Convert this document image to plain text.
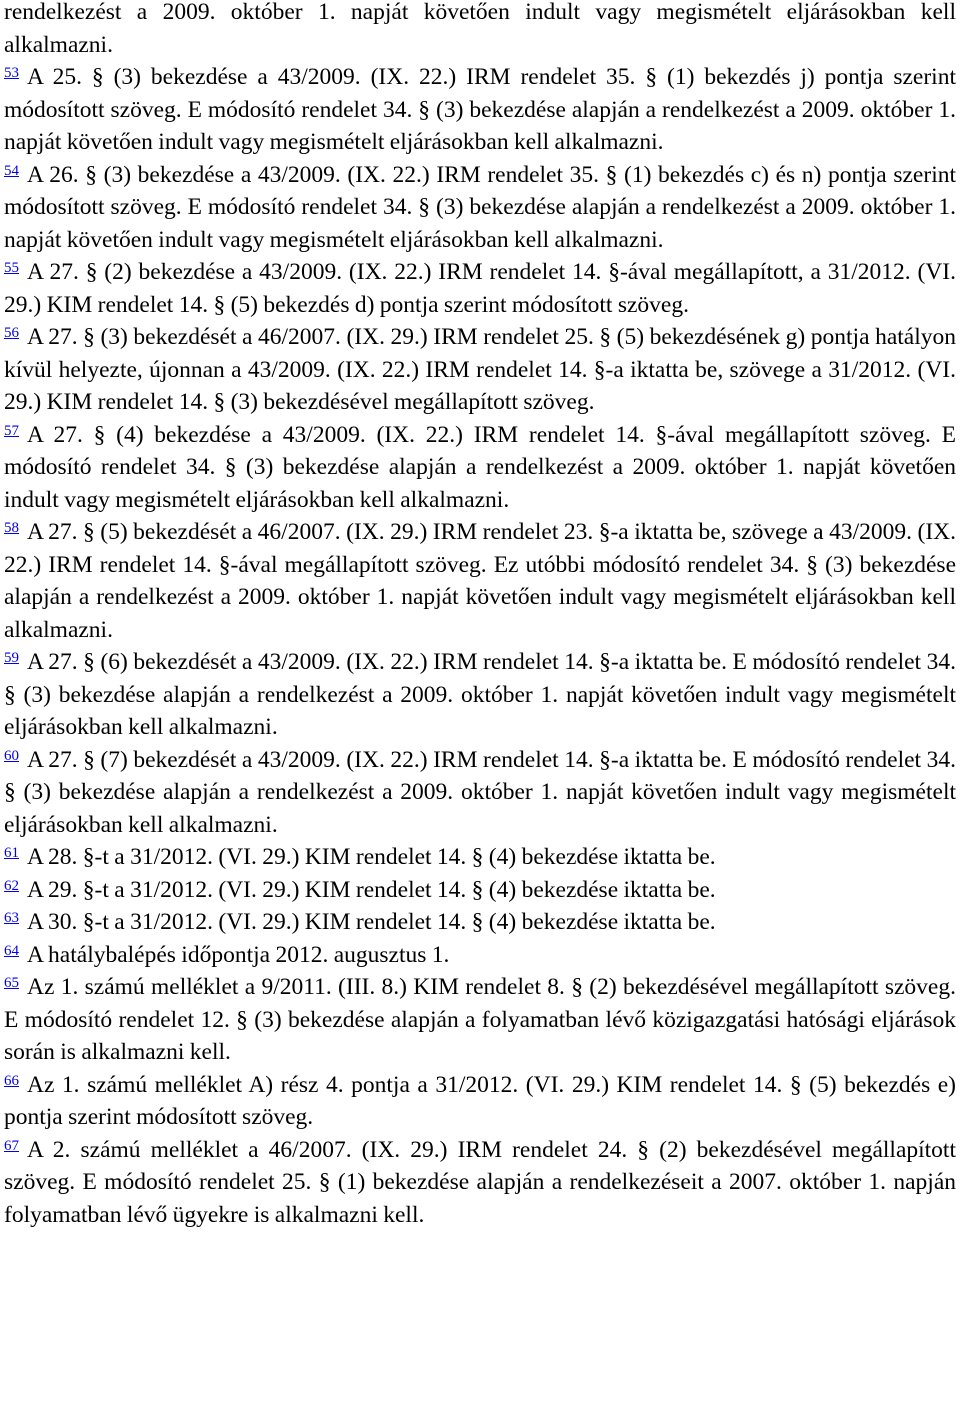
rendelkezést a 2009. október 1. napját követően indult vagy megismételt eljárásokban kell alkalmazni.

$^{53}$ A 25. § (3) bekezdése a 43/2009. (IX. 22.) IRM rendelet 35. § (1) bekezdés j) pontja szerint módosított szöveg. E módosító rendelet 34. § (3) bekezdése alapján a rendelkezést a 2009. október 1. napját követően indult vagy megismételt eljárásokban kell alkalmazni.

$^{54}$ A 26. § (3) bekezdése a 43/2009. (IX. 22.) IRM rendelet 35. § (1) bekezdés c) és n) pontja szerint módosított szöveg. E módosító rendelet 34. § (3) bekezdése alapján a rendelkezést a 2009. október 1. napját követően indult vagy megismételt eljárásokban kell alkalmazni.

$^{55}$ A 27. § (2) bekezdése a 43/2009. (IX. 22.) IRM rendelet 14. §-ával megállapított, a 31/2012. (VI. 29.) KIM rendelet 14. § (5) bekezdés d) pontja szerint módosított szöveg.

$^{56}$ A 27. § (3) bekezdését a 46/2007. (IX. 29.) IRM rendelet 25. § (5) bekezdésének g) pontja hatályon kívül helyezte, újonnan a 43/2009. (IX. 22.) IRM rendelet 14. §-a iktatta be, szövege a 31/2012. (VI. 29.) KIM rendelet 14. § (3) bekezdésével megállapított szöveg.

$^{57}$ A 27. § (4) bekezdése a 43/2009. (IX. 22.) IRM rendelet 14. §-ával megállapított szöveg. E módosító rendelet 34. § (3) bekezdése alapján a rendelkezést a 2009. október 1. napját követően indult vagy megismételt eljárásokban kell alkalmazni.

$^{58}$ A 27. § (5) bekezdését a 46/2007. (IX. 29.) IRM rendelet 23. §-a iktatta be, szövege a 43/2009. (IX. 22.) IRM rendelet 14. §-ával megállapított szöveg. Ez utóbbi módosító rendelet 34. § (3) bekezdése alapján a rendelkezést a 2009. október 1. napját követően indult vagy megismételt eljárásokban kell alkalmazni.

$^{59}$ A 27. § (6) bekezdését a 43/2009. (IX. 22.) IRM rendelet 14. §-a iktatta be. E módosító rendelet 34. § (3) bekezdése alapján a rendelkezést a 2009. október 1. napját követően indult vagy megismételt eljárásokban kell alkalmazni.

$^{60}$ A 27. § (7) bekezdését a 43/2009. (IX. 22.) IRM rendelet 14. §-a iktatta be. E módosító rendelet 34. § (3) bekezdése alapján a rendelkezést a 2009. október 1. napját követően indult vagy megismételt eljárásokban kell alkalmazni.

$^{61}$ A 28. §-t a 31/2012. (VI. 29.) KIM rendelet 14. § (4) bekezdése iktatta be.

$^{62}$ A 29. §-t a 31/2012. (VI. 29.) KIM rendelet 14. § (4) bekezdése iktatta be.

$^{63}$ A 30. §-t a 31/2012. (VI. 29.) KIM rendelet 14. § (4) bekezdése iktatta be.

$^{64}$ A hatálybalépés időpontja 2012. augusztus 1.

$^{65}$ Az 1. számú melléklet a 9/2011. (III. 8.) KIM rendelet 8. § (2) bekezdésével megállapított szöveg. E módosító rendelet 12. § (3) bekezdése alapján a folyamatban lévő közigazgatási hatósági eljárások során is alkalmazni kell.

$^{66}$ Az 1. számú melléklet A) rész 4. pontja a 31/2012. (VI. 29.) KIM rendelet 14. § (5) bekezdés e) pontja szerint módosított szöveg.

$^{67}$ A 2. számú melléklet a 46/2007. (IX. 29.) IRM rendelet 24. § (2) bekezdésével megállapított szöveg. E módosító rendelet 25. § (1) bekezdése alapján a rendelkezéseit a 2007. október 1. napján folyamatban lévő ügyekre is alkalmazni kell.
